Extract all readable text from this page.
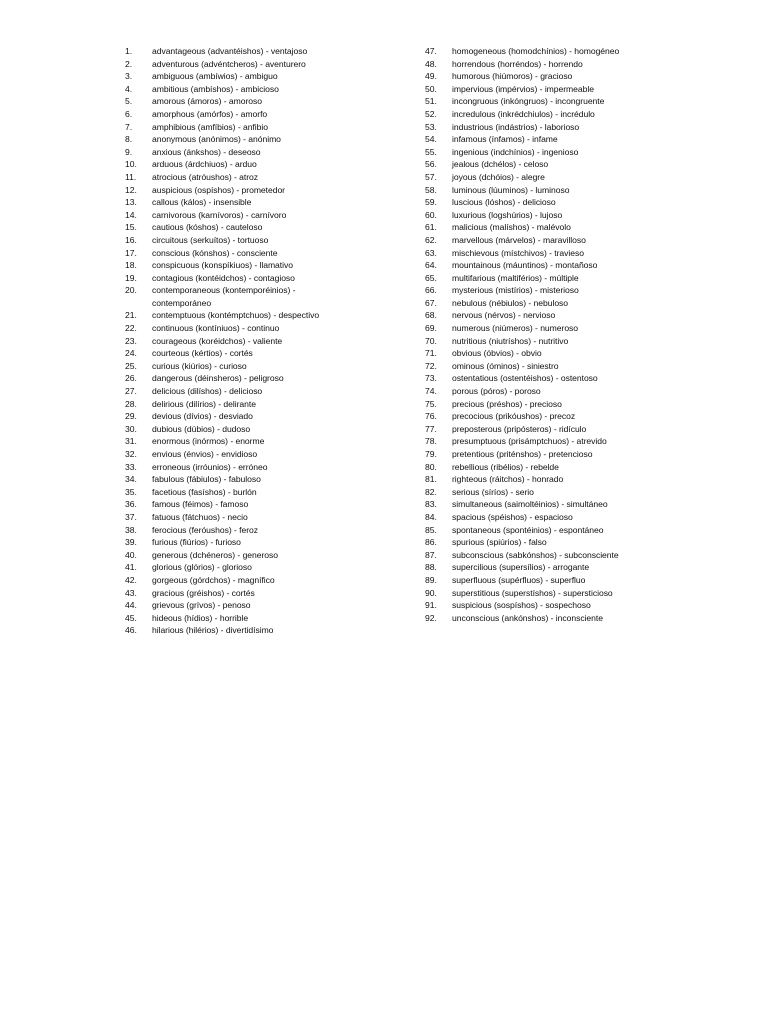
1.	advantageous (advantéishos) - ventajoso
2.	adventurous (advéntcheros) - aventurero
3.	ambiguous (ambíwios) - ambiguo
4.	ambitious (ambíshos) - ambicioso
5.	amorous (ámoros) - amoroso
6.	amorphous (amórfos) - amorfo
7.	amphibious (amfíbios) - anfibio
8.	anonymous (anónimos) - anónimo
9.	anxious (ánkshos) - deseoso
10.	arduous (árdchiuos) - arduo
11.	atrocious (atróushos) - atroz
12.	auspicious (ospíshos) - prometedor
13.	callous (kálos) - insensible
14.	carnivorous (karnívoros) - carnívoro
15.	cautious (kóshos) - cauteloso
16.	circuitous (serkuítos) - tortuoso
17.	conscious (kónshos) - consciente
18.	conspicuous (konspíkiuos) - llamativo
19.	contagious (kontéidchos) - contagioso
20.	contemporaneous (kontemporéinios) - contemporáneo
21.	contemptuous (kontémptchuos) - despectivo
22.	continuous (kontíniuos) - continuo
23.	courageous (koréidchos) - valiente
24.	courteous (kértios) - cortés
25.	curious (kiúrios) - curioso
26.	dangerous (déinsheros) - peligroso
27.	delicious (dilíshos) - delicioso
28.	delirious (dilírios) - delirante
29.	devious (dívios) - desviado
30.	dubious (dúbios) - dudoso
31.	enormous (inórmos) - enorme
32.	envious (énvios) - envidioso
33.	erroneous (irróunios) - erróneo
34.	fabulous (fábiulos) - fabuloso
35.	facetious (fasíshos) - burlón
36.	famous (féimos) - famoso
37.	fatuous (fátchuos) - necio
38.	ferocious (feróushos) - feroz
39.	furious (fiúrios) - furioso
40.	generous (dchéneros) - generoso
41.	glorious (glórios) - glorioso
42.	gorgeous (górdchos) - magnífico
43.	gracious (gréishos) - cortés
44.	grievous (grívos) - penoso
45.	hideous (hídios) - horrible
46.	hilarious (hilérios) - divertidísimo
47.	homogeneous (homodchínios) - homogéneo
48.	horrendous (horréndos) - horrendo
49.	humorous (hiúmoros) - gracioso
50.	impervious (impérvios) - impermeable
51.	incongruous (inkóngruos) - incongruente
52.	incredulous (inkrédchiulos) - incrédulo
53.	industrious (indástrios) - laborioso
54.	infamous (ínfamos) - infame
55.	ingenious (indchínios) - ingenioso
56.	jealous (dchélos) - celoso
57.	joyous (dchóios) - alegre
58.	luminous (lúuminos) - luminoso
59.	luscious (lóshos) - delicioso
60.	luxurious (logshúrios) - lujoso
61.	malicious (malíshos) - malévolo
62.	marvellous (márvelos) - maravilloso
63.	mischievous (místchivos) - travieso
64.	mountainous (máuntinos) - montañoso
65.	multifarious (maltiférios) - múltiple
66.	mysterious (mistírios) - misterioso
67.	nebulous (nébiulos) - nebuloso
68.	nervous (nérvos) - nervioso
69.	numerous (niúmeros) - numeroso
70.	nutritious (niutríshos) - nutritivo
71.	obvious (óbvios) - obvio
72.	ominous (óminos) - siniestro
73.	ostentatious (ostentéishos) - ostentoso
74.	porous (póros) - poroso
75.	precious (préshos) - precioso
76.	precocious (prikóushos) - precoz
77.	preposterous (pripósteros) - ridículo
78.	presumptuous (prisámptchuos) - atrevido
79.	pretentious (priténshos) - pretencioso
80.	rebellious (ribélios) - rebelde
81.	righteous (ráitchos) - honrado
82.	serious (síríos) - serio
83.	simultaneous (saimoltéinios) - simultáneo
84.	spacious (spéishos) - espacioso
85.	spontaneous (spontéinios) - espontáneo
86.	spurious (spiúrios) - falso
87.	subconscious (sabkónshos) - subconsciente
88.	supercilious (supersílios) - arrogante
89.	superfluous (supérfluos) - superfluo
90.	superstitious (superstíshos) - supersticioso
91.	suspicious (sospíshos) - sospechoso
92.	unconscious (ankónshos) - inconsciente
